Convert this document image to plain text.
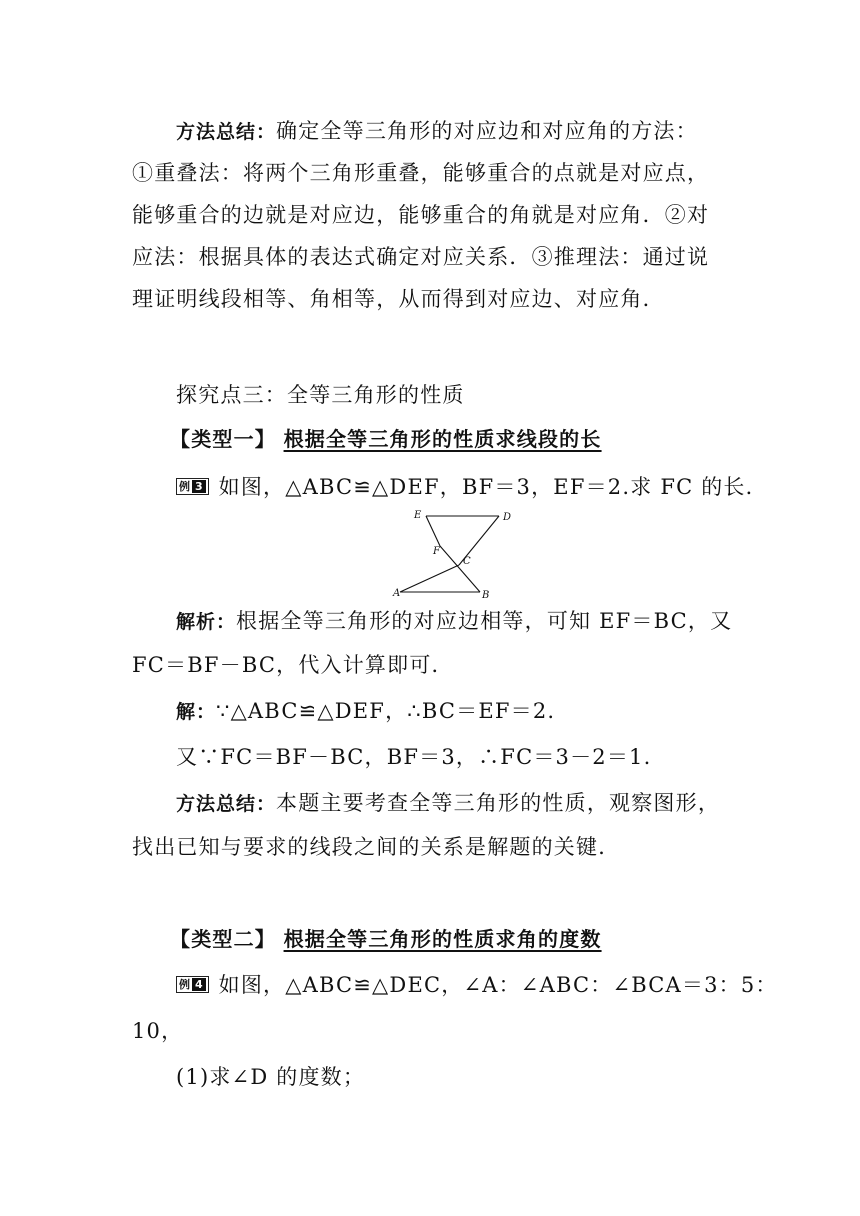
方法总结：确定全等三角形的对应边和对应角的方法：
①重叠法：将两个三角形重叠，能够重合的点就是对应点，
能够重合的边就是对应边，能够重合的角就是对应角．②对
应法：根据具体的表达式确定对应关系．③推理法：通过说
理证明线段相等、角相等，从而得到对应边、对应角．
探究点三：全等三角形的性质
【类型一】 根据全等三角形的性质求线段的长
例 3 如图，△ABC≌△DEF，BF＝3，EF＝2.求 FC 的长．
E	D
F
C
A	B
解析：根据全等三角形的对应边相等，可知 EF＝BC，又
FC＝BF－BC，代入计算即可．
解：∵△ABC≌△DEF，∴BC＝EF＝2.
又∵FC＝BF－BC，BF＝3，∴FC＝3－2＝1.
方法总结：本题主要考查全等三角形的性质，观察图形，
找出已知与要求的线段之间的关系是解题的关键．
【类型二】 根据全等三角形的性质求角的度数
例 4 如图，△ABC≌△DEC，∠A：∠ABC：∠BCA＝3：5：
10，
(1)求∠D 的度数；
